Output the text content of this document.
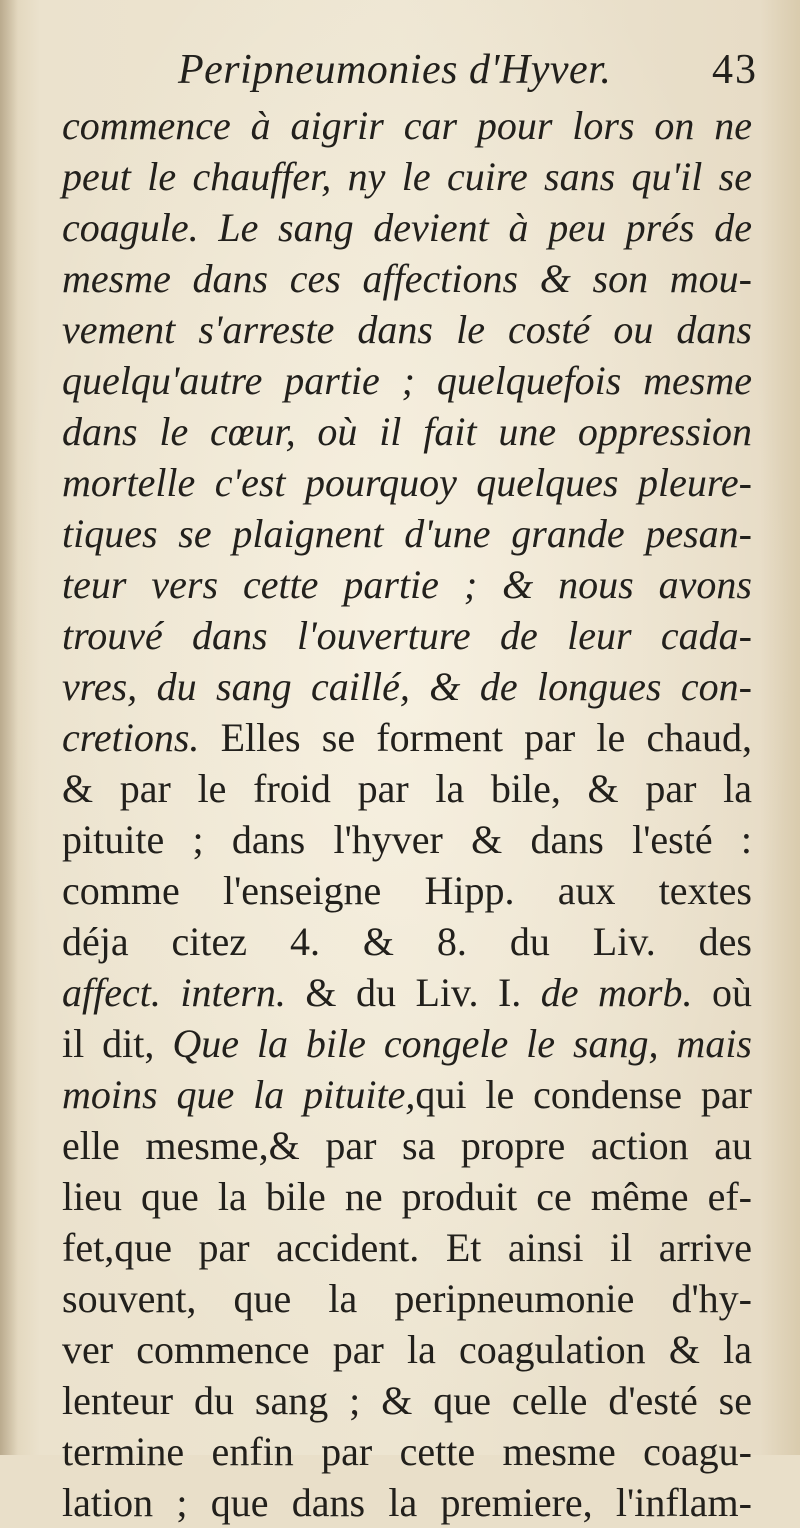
Peripneumonies d'Hyver. 43
commence à aigrir car pour lors on ne
peut le chauffer, ny le cuire sans qu'il se
coagule. Le sang devient à peu prés de
mesme dans ces affections & son mou-
vement s'arreste dans le costé ou dans
quelqu'autre partie ; quelquefois mesme
dans le cœur, où il fait une oppression
mortelle c'est pourquoy quelques pleure-
tiques se plaignent d'une grande pesan-
teur vers cette partie ; & nous avons
trouvé dans l'ouverture de leur cada-
vres, du sang caillé, & de longues con-
cretions. Elles se forment par le chaud,
& par le froid par la bile, & par la
pituite ; dans l'hyver & dans l'esté :
comme l'enseigne Hipp. aux textes
déja citez 4. & 8. du Liv. des
affect. intern. & du Liv. I. de morb. où
il dit, Que la bile congele le sang, mais
moins que la pituite,qui le condense par
elle mesme,& par sa propre action au
lieu que la bile ne produit ce même ef-
fet,que par accident. Et ainsi il arrive
souvent, que la peripneumonie d'hy-
ver commence par la coagulation & la
lenteur du sang ; & que celle d'esté se
termine enfin par cette mesme coagu-
lation ; que dans la premiere, l'inflam-
